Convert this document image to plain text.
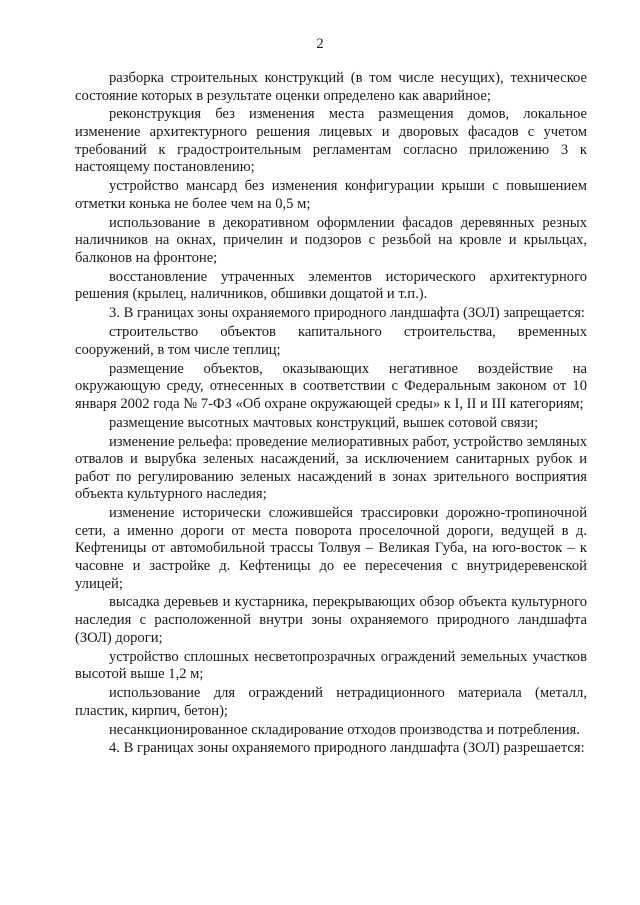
2

разборка строительных конструкций (в том числе несущих), техническое состояние которых в результате оценки определено как аварийное;

реконструкция без изменения места размещения домов, локальное изменение архитектурного решения лицевых и дворовых фасадов с учетом требований к градостроительным регламентам согласно приложению 3 к настоящему постановлению;

устройство мансард без изменения конфигурации крыши с повышением отметки конька не более чем на 0,5 м;

использование в декоративном оформлении фасадов деревянных резных наличников на окнах, причелин и подзоров с резьбой на кровле и крыльцах, балконов на фронтоне;

восстановление утраченных элементов исторического архитектурного решения (крылец, наличников, обшивки дощатой и т.п.).

3. В границах зоны охраняемого природного ландшафта (ЗОЛ) запрещается:

строительство объектов капитального строительства, временных сооружений, в том числе теплиц;

размещение объектов, оказывающих негативное воздействие на окружающую среду, отнесенных в соответствии с Федеральным законом от 10 января 2002 года № 7-ФЗ «Об охране окружающей среды» к I, II и III категориям;

размещение высотных мачтовых конструкций, вышек сотовой связи;

изменение рельефа: проведение мелиоративных работ, устройство земляных отвалов и вырубка зеленых насаждений, за исключением санитарных рубок и работ по регулированию зеленых насаждений в зонах зрительного восприятия объекта культурного наследия;

изменение исторически сложившейся трассировки дорожно-тропиночной сети, а именно дороги от места поворота проселочной дороги, ведущей в д. Кефтеницы от автомобильной трассы Толвуя – Великая Губа, на юго-восток – к часовне и застройке д. Кефтеницы до ее пересечения с внутридеревенской улицей;

высадка деревьев и кустарника, перекрывающих обзор объекта культурного наследия с расположенной внутри зоны охраняемого природного ландшафта (ЗОЛ) дороги;

устройство сплошных несветопрозрачных ограждений земельных участков высотой выше 1,2 м;

использование для ограждений нетрадиционного материала (металл, пластик, кирпич, бетон);

несанкционированное складирование отходов производства и потребления.

4. В границах зоны охраняемого природного ландшафта (ЗОЛ) разрешается:
